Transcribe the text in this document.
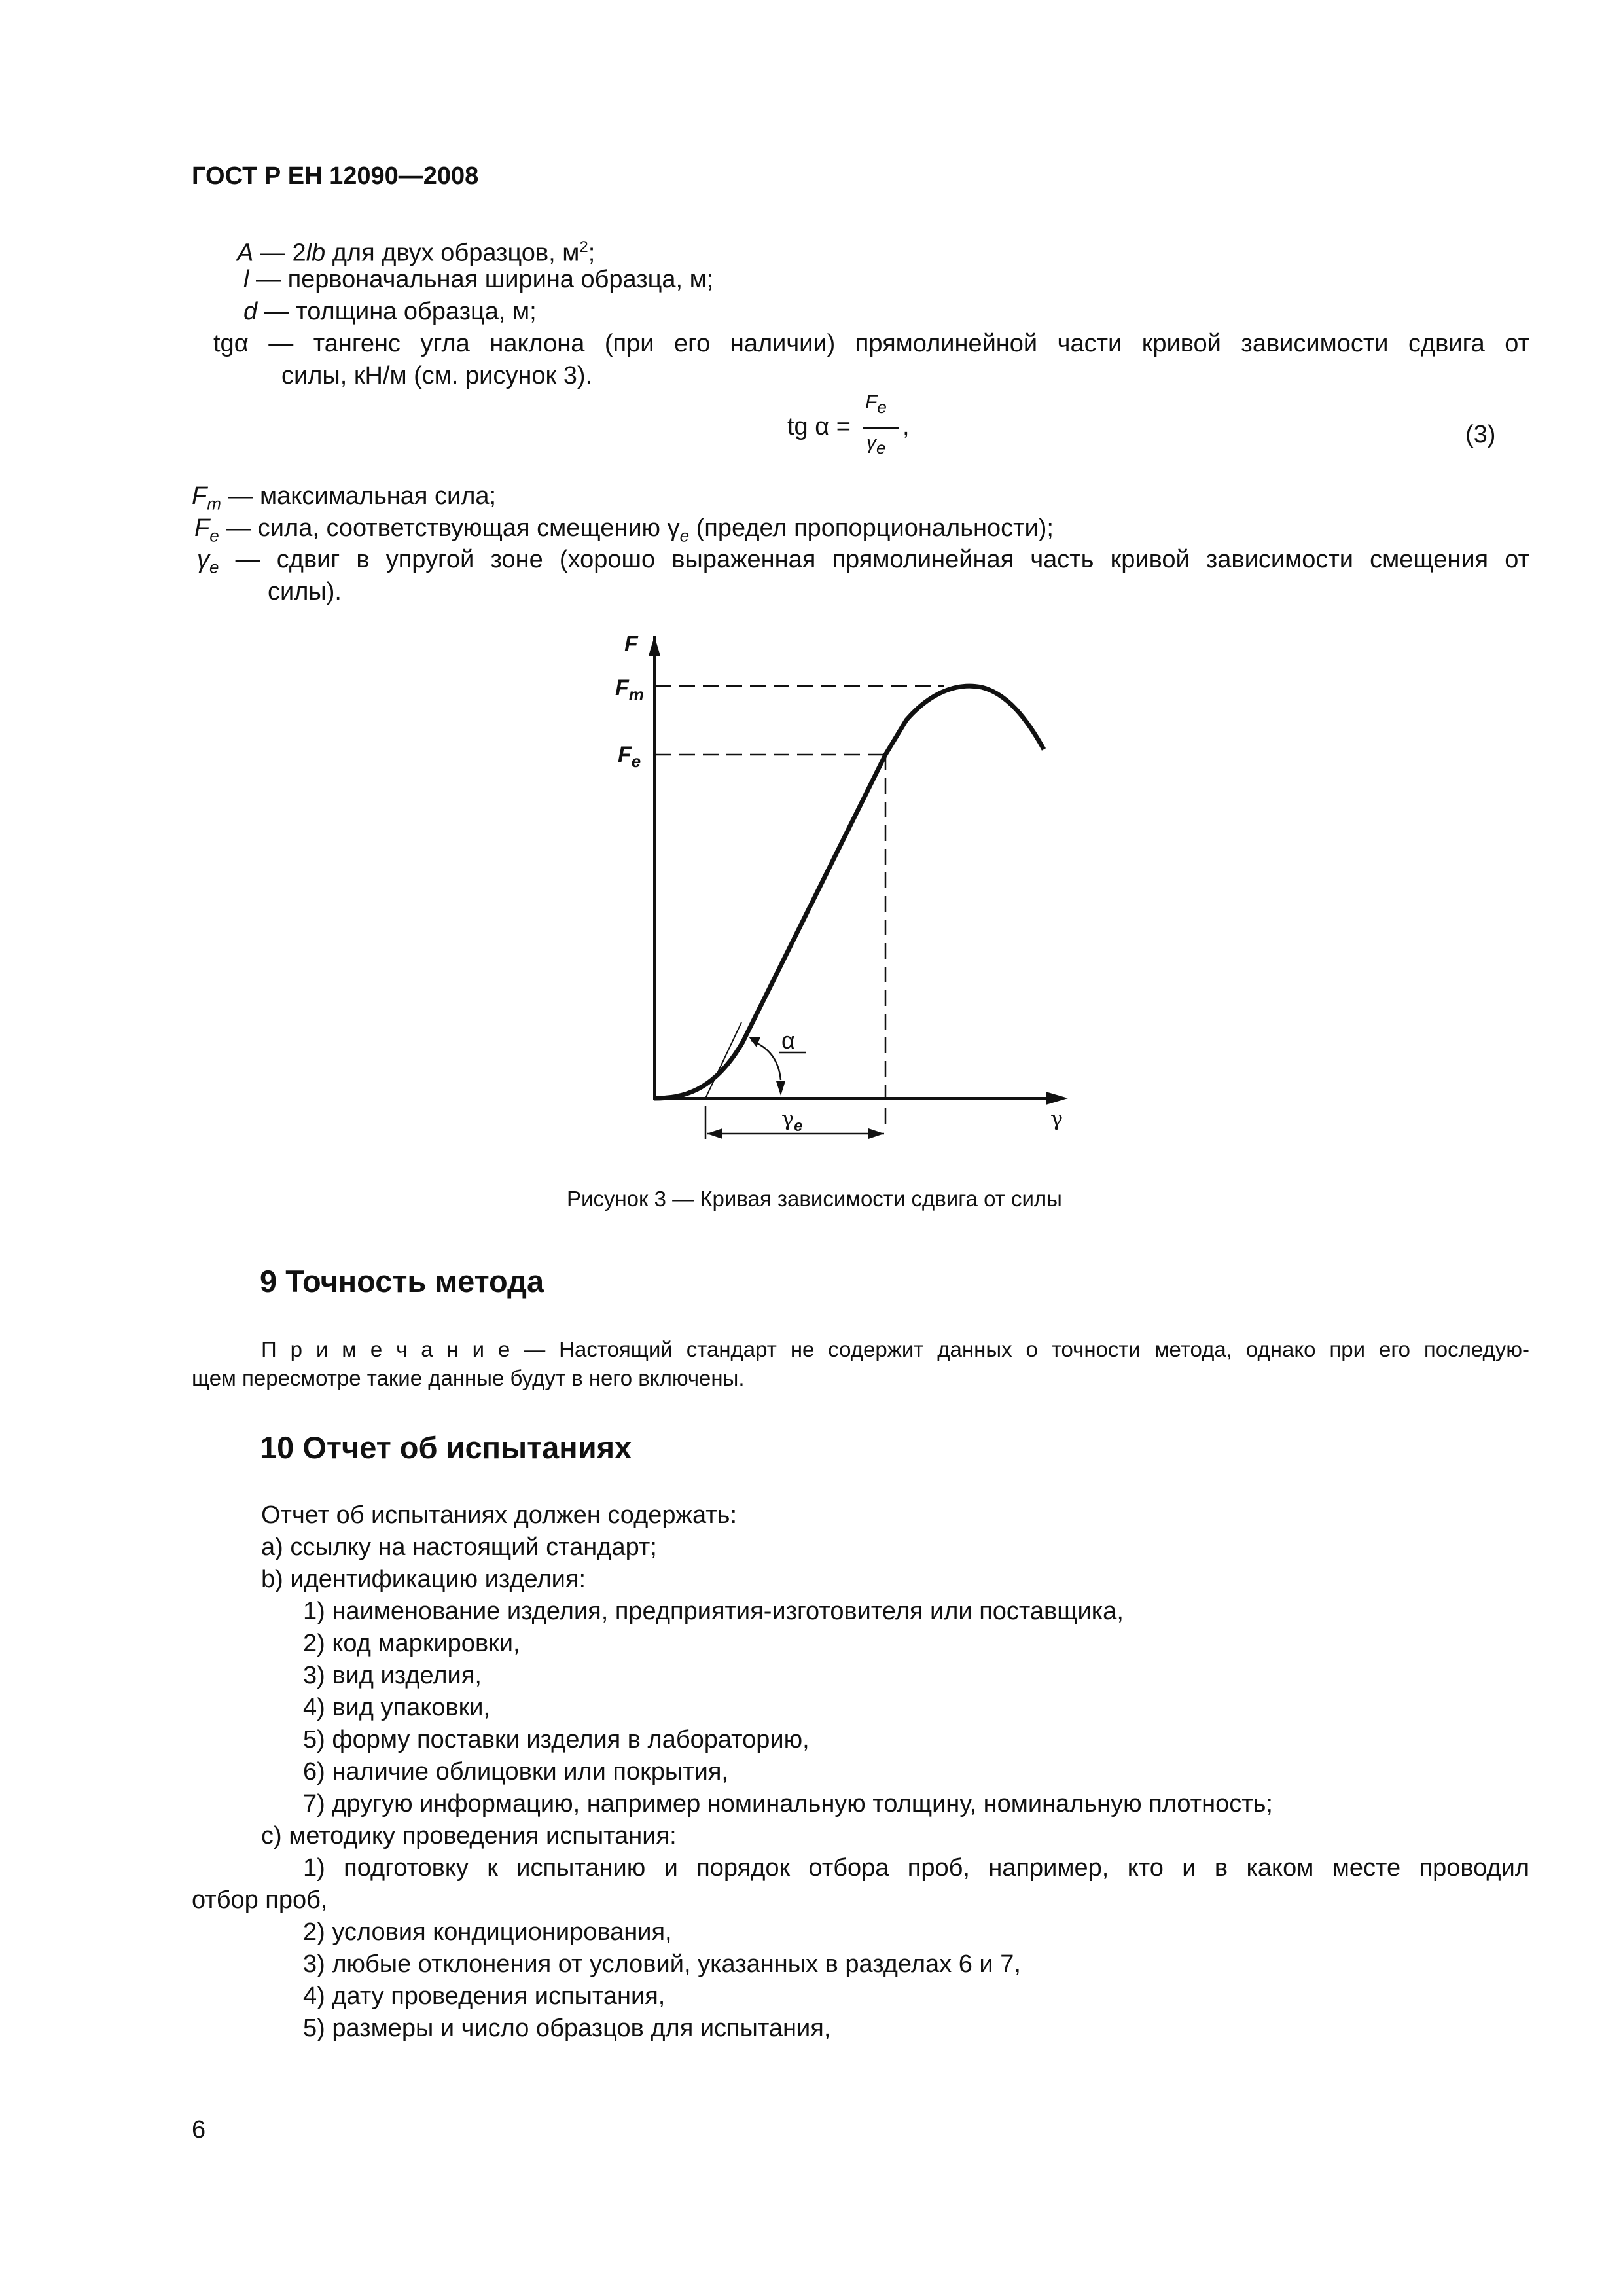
ГОСТ Р ЕН 12090—2008
A — 2lb для двух образцов, $м^2$;
l — первоначальная ширина образца, м;
d — толщина образца, м;
tgα — тангенс угла наклона (при его наличии) прямолинейной части кривой зависимости сдвига от
силы, кН/м (см. рисунок 3).
tg α =
$F_e$
$\gamma_e$
,	(3)
$F_m$ — максимальная сила;
$F_e$ — сила, соответствующая смещению $\gamma_e$ (предел пропорциональности);
$\gamma_e$ — сдвиг в упругой зоне (хорошо выраженная прямолинейная часть кривой зависимости смещения от
силы).
F
$F_m$
$F_e$
α
$\gamma_e$	γ
Рисунок 3 — Кривая зависимости сдвига от силы
9 Точность метода
П р и м е ч а н и е — Настоящий стандарт не содержит данных о точности метода, однако при его последую-
щем пересмотре такие данные будут в него включены.
10 Отчет об испытаниях
Отчет об испытаниях должен содержать:
a) ссылку на настоящий стандарт;
b) идентификацию изделия:
1) наименование изделия, предприятия-изготовителя или поставщика,
2) код маркировки,
3) вид изделия,
4) вид упаковки,
5) форму поставки изделия в лабораторию,
6) наличие облицовки или покрытия,
7) другую информацию, например номинальную толщину, номинальную плотность;
c) методику проведения испытания:
1) подготовку к испытанию и порядок отбора проб, например, кто и в каком месте проводил
отбор проб,
2) условия кондиционирования,
3) любые отклонения от условий, указанных в разделах 6 и 7,
4) дату проведения испытания,
5) размеры и число образцов для испытания,
6
